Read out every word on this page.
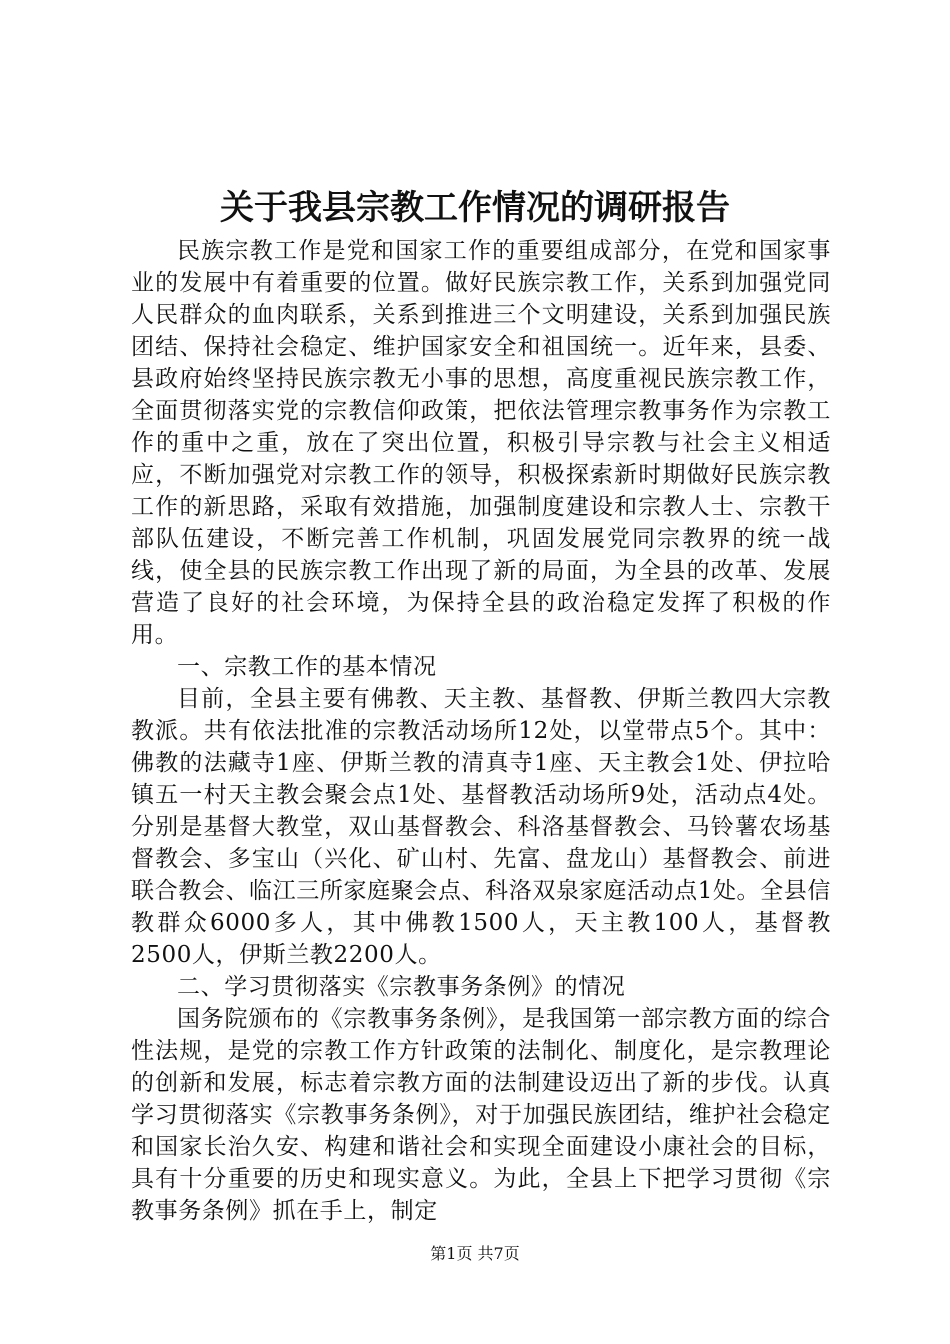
关于我县宗教工作情况的调研报告

民族宗教工作是党和国家工作的重要组成部分，在党和国家事业的发展中有着重要的位置。做好民族宗教工作，关系到加强党同人民群众的血肉联系，关系到推进三个文明建设，关系到加强民族团结、保持社会稳定、维护国家安全和祖国统一。近年来，县委、县政府始终坚持民族宗教无小事的思想，高度重视民族宗教工作，全面贯彻落实党的宗教信仰政策，把依法管理宗教事务作为宗教工作的重中之重，放在了突出位置，积极引导宗教与社会主义相适应，不断加强党对宗教工作的领导，积极探索新时期做好民族宗教工作的新思路，采取有效措施，加强制度建设和宗教人士、宗教干部队伍建设，不断完善工作机制，巩固发展党同宗教界的统一战线，使全县的民族宗教工作出现了新的局面，为全县的改革、发展营造了良好的社会环境，为保持全县的政治稳定发挥了积极的作用。

一、宗教工作的基本情况

目前，全县主要有佛教、天主教、基督教、伊斯兰教四大宗教教派。共有依法批准的宗教活动场所12处，以堂带点5个。其中：佛教的法藏寺1座、伊斯兰教的清真寺1座、天主教会1处、伊拉哈镇五一村天主教会聚会点1处、基督教活动场所9处，活动点4处。分别是基督大教堂，双山基督教会、科洛基督教会、马铃薯农场基督教会、多宝山（兴化、矿山村、先富、盘龙山）基督教会、前进联合教会、临江三所家庭聚会点、科洛双泉家庭活动点1处。全县信教群众6000多人，其中佛教1500人，天主教100人，基督教2500人，伊斯兰教2200人。

二、学习贯彻落实《宗教事务条例》的情况

国务院颁布的《宗教事务条例》，是我国第一部宗教方面的综合性法规，是党的宗教工作方针政策的法制化、制度化，是宗教理论的创新和发展，标志着宗教方面的法制建设迈出了新的步伐。认真学习贯彻落实《宗教事务条例》，对于加强民族团结，维护社会稳定和国家长治久安、构建和谐社会和实现全面建设小康社会的目标，具有十分重要的历史和现实意义。为此，全县上下把学习贯彻《宗教事务条例》抓在手上，制定

第1页 共7页
